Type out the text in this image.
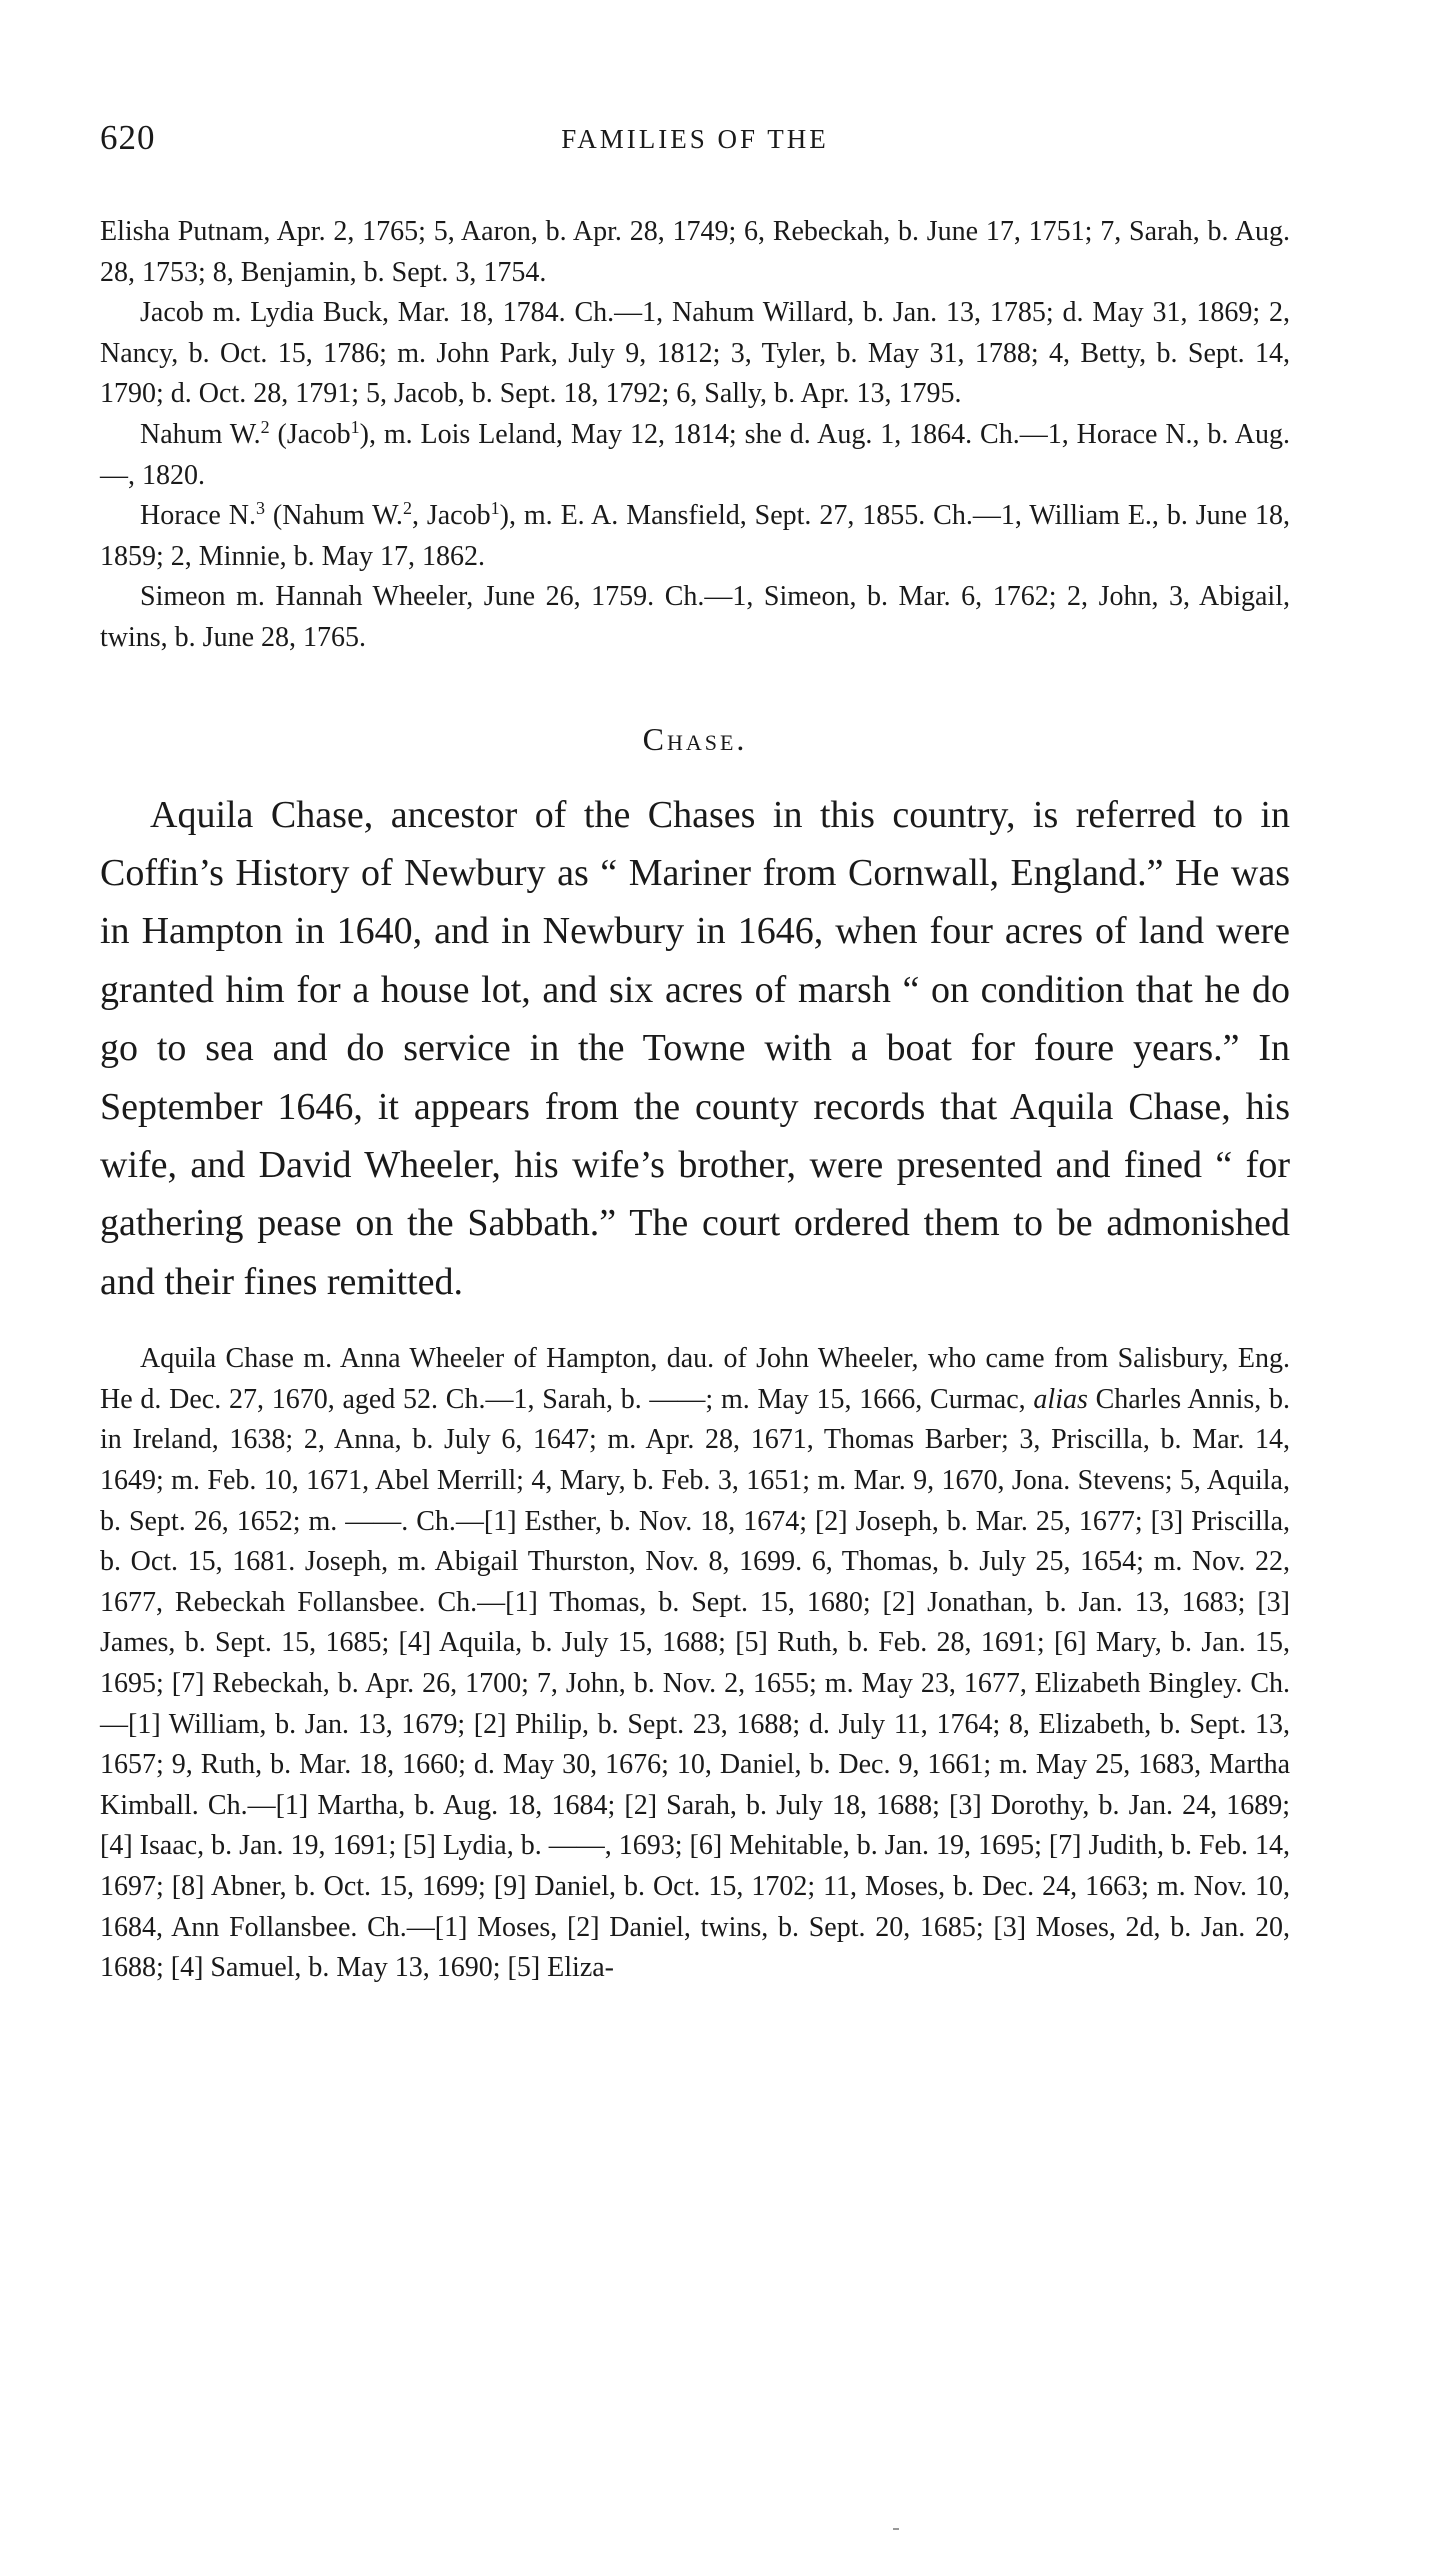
620	FAMILIES OF THE

Elisha Putnam, Apr. 2, 1765; 5, Aaron, b. Apr. 28, 1749; 6, Rebeckah, b. June 17, 1751; 7, Sarah, b. Aug. 28, 1753; 8, Benjamin, b. Sept. 3, 1754.

Jacob m. Lydia Buck, Mar. 18, 1784. Ch.—1, Nahum Willard, b. Jan. 13, 1785; d. May 31, 1869; 2, Nancy, b. Oct. 15, 1786; m. John Park, July 9, 1812; 3, Tyler, b. May 31, 1788; 4, Betty, b. Sept. 14, 1790; d. Oct. 28, 1791; 5, Jacob, b. Sept. 18, 1792; 6, Sally, b. Apr. 13, 1795.

Nahum W.$^2$ (Jacob$^1$), m. Lois Leland, May 12, 1814; she d. Aug. 1, 1864. Ch.—1, Horace N., b. Aug. —, 1820.

Horace N.$^3$ (Nahum W.$^2$, Jacob$^1$), m. E. A. Mansfield, Sept. 27, 1855. Ch.—1, William E., b. June 18, 1859; 2, Minnie, b. May 17, 1862.

Simeon m. Hannah Wheeler, June 26, 1759. Ch.—1, Simeon, b. Mar. 6, 1762; 2, John, 3, Abigail, twins, b. June 28, 1765.

Chase.

Aquila Chase, ancestor of the Chases in this country, is referred to in Coffin’s History of Newbury as “ Mariner from Cornwall, England.” He was in Hampton in 1640, and in Newbury in 1646, when four acres of land were granted him for a house lot, and six acres of marsh “ on condition that he do go to sea and do service in the Towne with a boat for foure years.” In September 1646, it appears from the county records that Aquila Chase, his wife, and David Wheeler, his wife’s brother, were presented and fined “ for gathering pease on the Sabbath.” The court ordered them to be admonished and their fines remitted.

Aquila Chase m. Anna Wheeler of Hampton, dau. of John Wheeler, who came from Salisbury, Eng. He d. Dec. 27, 1670, aged 52. Ch.—1, Sarah, b. ——; m. May 15, 1666, Curmac, alias Charles Annis, b. in Ireland, 1638; 2, Anna, b. July 6, 1647; m. Apr. 28, 1671, Thomas Barber; 3, Priscilla, b. Mar. 14, 1649; m. Feb. 10, 1671, Abel Merrill; 4, Mary, b. Feb. 3, 1651; m. Mar. 9, 1670, Jona. Stevens; 5, Aquila, b. Sept. 26, 1652; m. ——. Ch.—[1] Esther, b. Nov. 18, 1674; [2] Joseph, b. Mar. 25, 1677; [3] Priscilla, b. Oct. 15, 1681. Joseph, m. Abigail Thurston, Nov. 8, 1699. 6, Thomas, b. July 25, 1654; m. Nov. 22, 1677, Rebeckah Follansbee. Ch.—[1] Thomas, b. Sept. 15, 1680; [2] Jonathan, b. Jan. 13, 1683; [3] James, b. Sept. 15, 1685; [4] Aquila, b. July 15, 1688; [5] Ruth, b. Feb. 28, 1691; [6] Mary, b. Jan. 15, 1695; [7] Rebeckah, b. Apr. 26, 1700; 7, John, b. Nov. 2, 1655; m. May 23, 1677, Elizabeth Bingley. Ch.—[1] William, b. Jan. 13, 1679; [2] Philip, b. Sept. 23, 1688; d. July 11, 1764; 8, Elizabeth, b. Sept. 13, 1657; 9, Ruth, b. Mar. 18, 1660; d. May 30, 1676; 10, Daniel, b. Dec. 9, 1661; m. May 25, 1683, Martha Kimball. Ch.—[1] Martha, b. Aug. 18, 1684; [2] Sarah, b. July 18, 1688; [3] Dorothy, b. Jan. 24, 1689; [4] Isaac, b. Jan. 19, 1691; [5] Lydia, b. ——, 1693; [6] Mehitable, b. Jan. 19, 1695; [7] Judith, b. Feb. 14, 1697; [8] Abner, b. Oct. 15, 1699; [9] Daniel, b. Oct. 15, 1702; 11, Moses, b. Dec. 24, 1663; m. Nov. 10, 1684, Ann Follansbee. Ch.—[1] Moses, [2] Daniel, twins, b. Sept. 20, 1685; [3] Moses, 2d, b. Jan. 20, 1688; [4] Samuel, b. May 13, 1690; [5] Eliza-
